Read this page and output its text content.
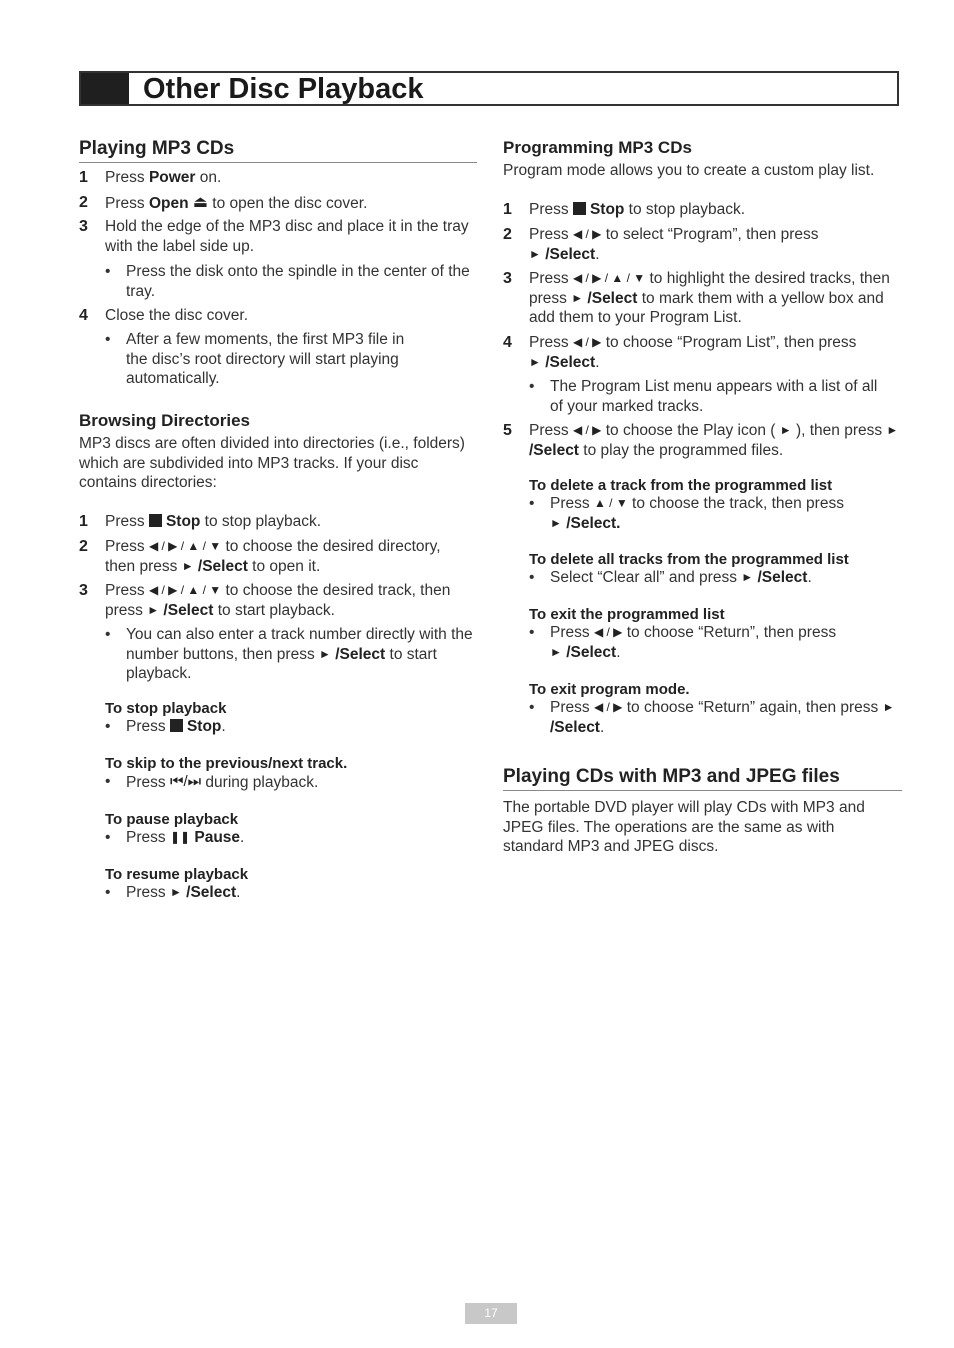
Other Disc Playback
Playing MP3 CDs
1 Press Power on.
2 Press Open ⏏ to open the disc cover.
3 Hold the edge of the MP3 disc and place it in the tray with the label side up.
• Press the disk onto the spindle in the center of the tray.
4 Close the disc cover.
• After a few moments, the first MP3 file in the disc’s root directory will start playing automatically.
Browsing Directories

MP3 discs are often divided into directories (i.e., folders) which are subdivided into MP3 tracks. If your disc contains directories:

1 Press Stop to stop playback.
2 Press ◀ / ▶ / ▲ / ▼ to choose the desired directory, then press ► /Select to open it.
3 Press ◀ / ▶ / ▲ / ▼ to choose the desired track, then press ► /Select to start playback.
• You can also enter a track number directly with the number buttons, then press ► /Select to start playback.
To stop playback
• Press Stop.
To skip to the previous/next track.
• Press ⏮/⏭ during playback.
To pause playback
• Press ❚❚ Pause.
To resume playback
• Press ► /Select.
Programming MP3 CDs

Program mode allows you to create a custom play list.

1 Press Stop to stop playback.
2 Press ◀ / ▶ to select “Program”, then press
► /Select.
3 Press ◀ / ▶ / ▲ / ▼ to highlight the desired tracks, then press ► /Select to mark them with a yellow box and add them to your Program List.
4 Press ◀ / ▶ to choose “Program List”, then press
► /Select.
• The Program List menu appears with a list of all of your marked tracks.
5 Press ◀ / ▶ to choose the Play icon ( ► ), then press ► /Select to play the programmed files.
To delete a track from the programmed list
• Press ▲ / ▼ to choose the track, then press
► /Select.
To delete all tracks from the programmed list
• Select “Clear all” and press ► /Select.
To exit the programmed list
• Press ◀ / ▶ to choose “Return”, then press
► /Select.
To exit program mode.
• Press ◀ / ▶ to choose “Return” again, then press ► /Select.
Playing CDs with MP3 and JPEG files

The portable DVD player will play CDs with MP3 and JPEG files. The operations are the same as with standard MP3 and JPEG discs.

17
